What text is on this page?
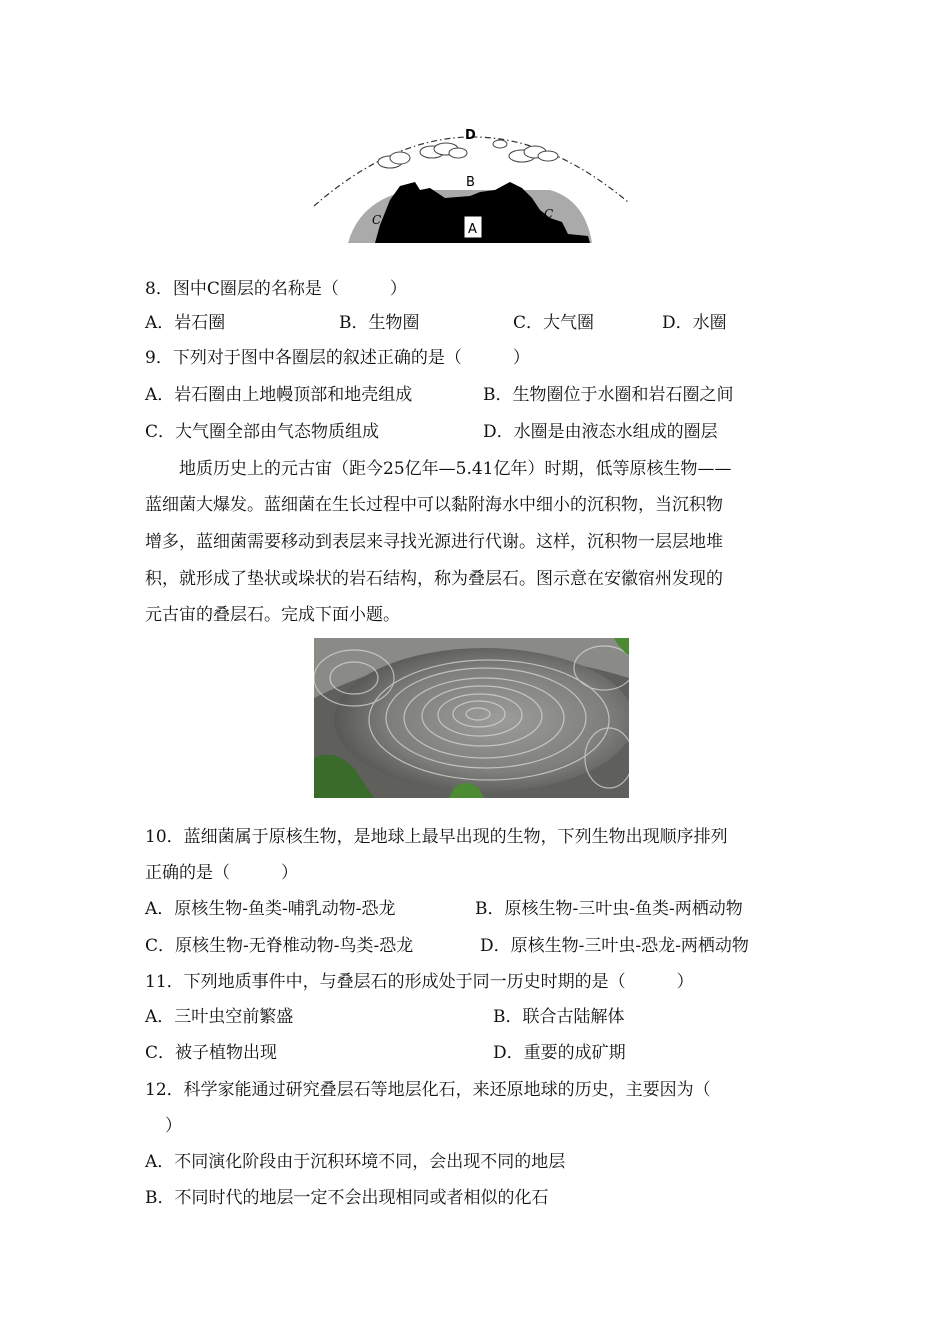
D
B
A
C	C
8．图中C圈层的名称是（　　　）
A．岩石圈	B．生物圈	C．大气圈	D．水圈
9．下列对于图中各圈层的叙述正确的是（　　　）
A．岩石圈由上地幔顶部和地壳组成	B．生物圈位于水圈和岩石圈之间
C．大气圈全部由气态物质组成	D．水圈是由液态水组成的圈层
地质历史上的元古宙（距今25亿年—5.41亿年）时期，低等原核生物——
蓝细菌大爆发。蓝细菌在生长过程中可以黏附海水中细小的沉积物，当沉积物
增多，蓝细菌需要移动到表层来寻找光源进行代谢。这样，沉积物一层层地堆
积，就形成了垫状或垛状的岩石结构，称为叠层石。图示意在安徽宿州发现的
元古宙的叠层石。完成下面小题。
10．蓝细菌属于原核生物，是地球上最早出现的生物，下列生物出现顺序排列
正确的是（　　　）
A．原核生物-鱼类-哺乳动物-恐龙	B．原核生物-三叶虫-鱼类-两栖动物
C．原核生物-无脊椎动物-鸟类-恐龙	D．原核生物-三叶虫-恐龙-两栖动物
11．下列地质事件中，与叠层石的形成处于同一历史时期的是（　　　）
A．三叶虫空前繁盛	B．联合古陆解体
C．被子植物出现	D．重要的成矿期
12．科学家能通过研究叠层石等地层化石，来还原地球的历史，主要因为（
）
A．不同演化阶段由于沉积环境不同，会出现不同的地层
B．不同时代的地层一定不会出现相同或者相似的化石
